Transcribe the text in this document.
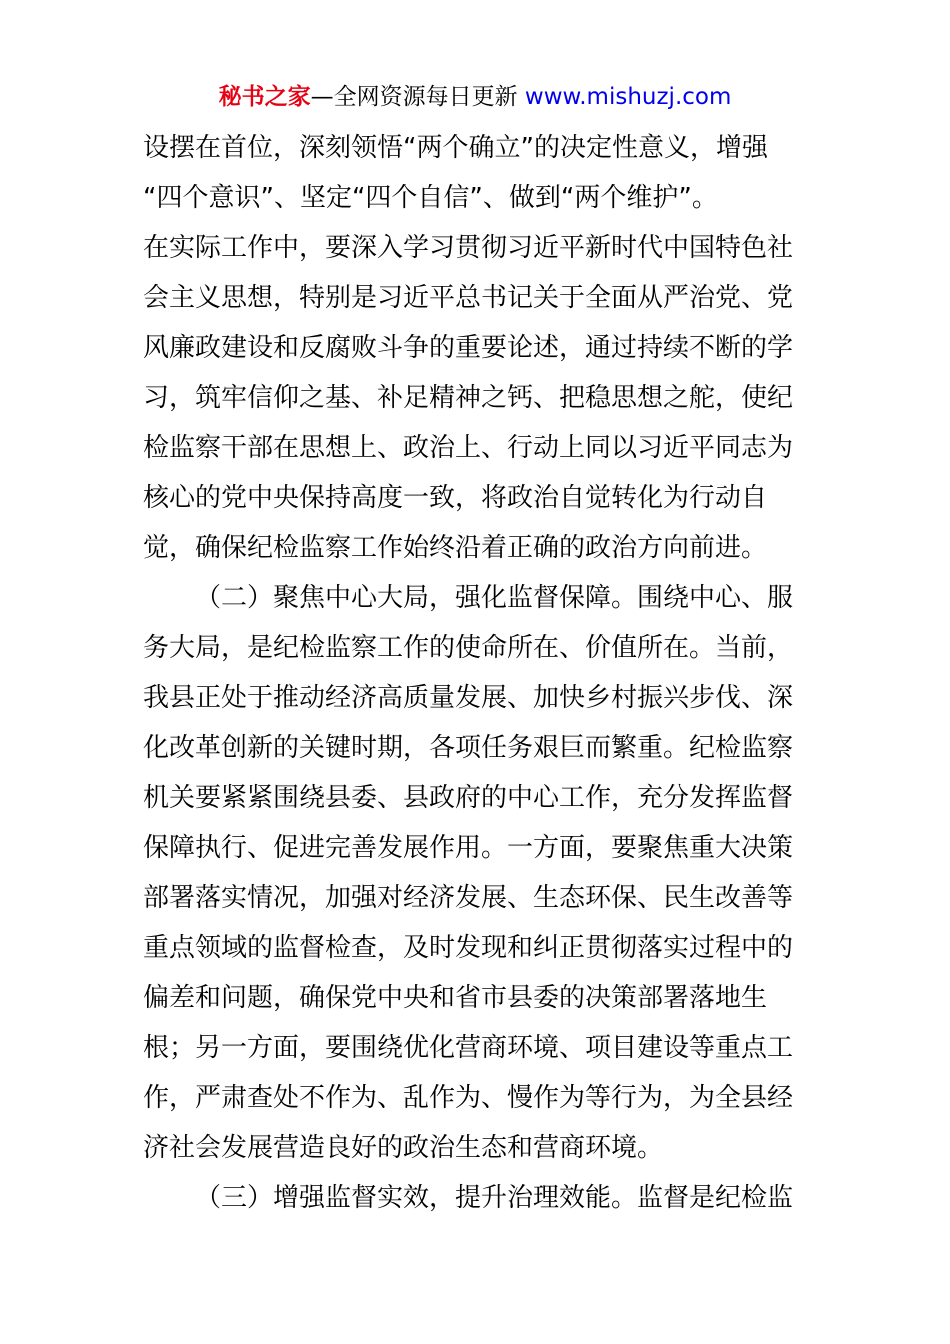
秘书之家—全网资源每日更新 www.mishuzj.com
设摆在首位，深刻领悟“两个确立”的决定性意义，增强
“四个意识”、坚定“四个自信”、做到“两个维护”。
在实际工作中，要深入学习贯彻习近平新时代中国特色社
会主义思想，特别是习近平总书记关于全面从严治党、党
风廉政建设和反腐败斗争的重要论述，通过持续不断的学
习，筑牢信仰之基、补足精神之钙、把稳思想之舵，使纪
检监察干部在思想上、政治上、行动上同以习近平同志为
核心的党中央保持高度一致，将政治自觉转化为行动自
觉，确保纪检监察工作始终沿着正确的政治方向前进。
（二）聚焦中心大局，强化监督保障。围绕中心、服
务大局，是纪检监察工作的使命所在、价值所在。当前，
我县正处于推动经济高质量发展、加快乡村振兴步伐、深
化改革创新的关键时期，各项任务艰巨而繁重。纪检监察
机关要紧紧围绕县委、县政府的中心工作，充分发挥监督
保障执行、促进完善发展作用。一方面，要聚焦重大决策
部署落实情况，加强对经济发展、生态环保、民生改善等
重点领域的监督检查，及时发现和纠正贯彻落实过程中的
偏差和问题，确保党中央和省市县委的决策部署落地生
根；另一方面，要围绕优化营商环境、项目建设等重点工
作，严肃查处不作为、乱作为、慢作为等行为，为全县经
济社会发展营造良好的政治生态和营商环境。
（三）增强监督实效，提升治理效能。监督是纪检监
